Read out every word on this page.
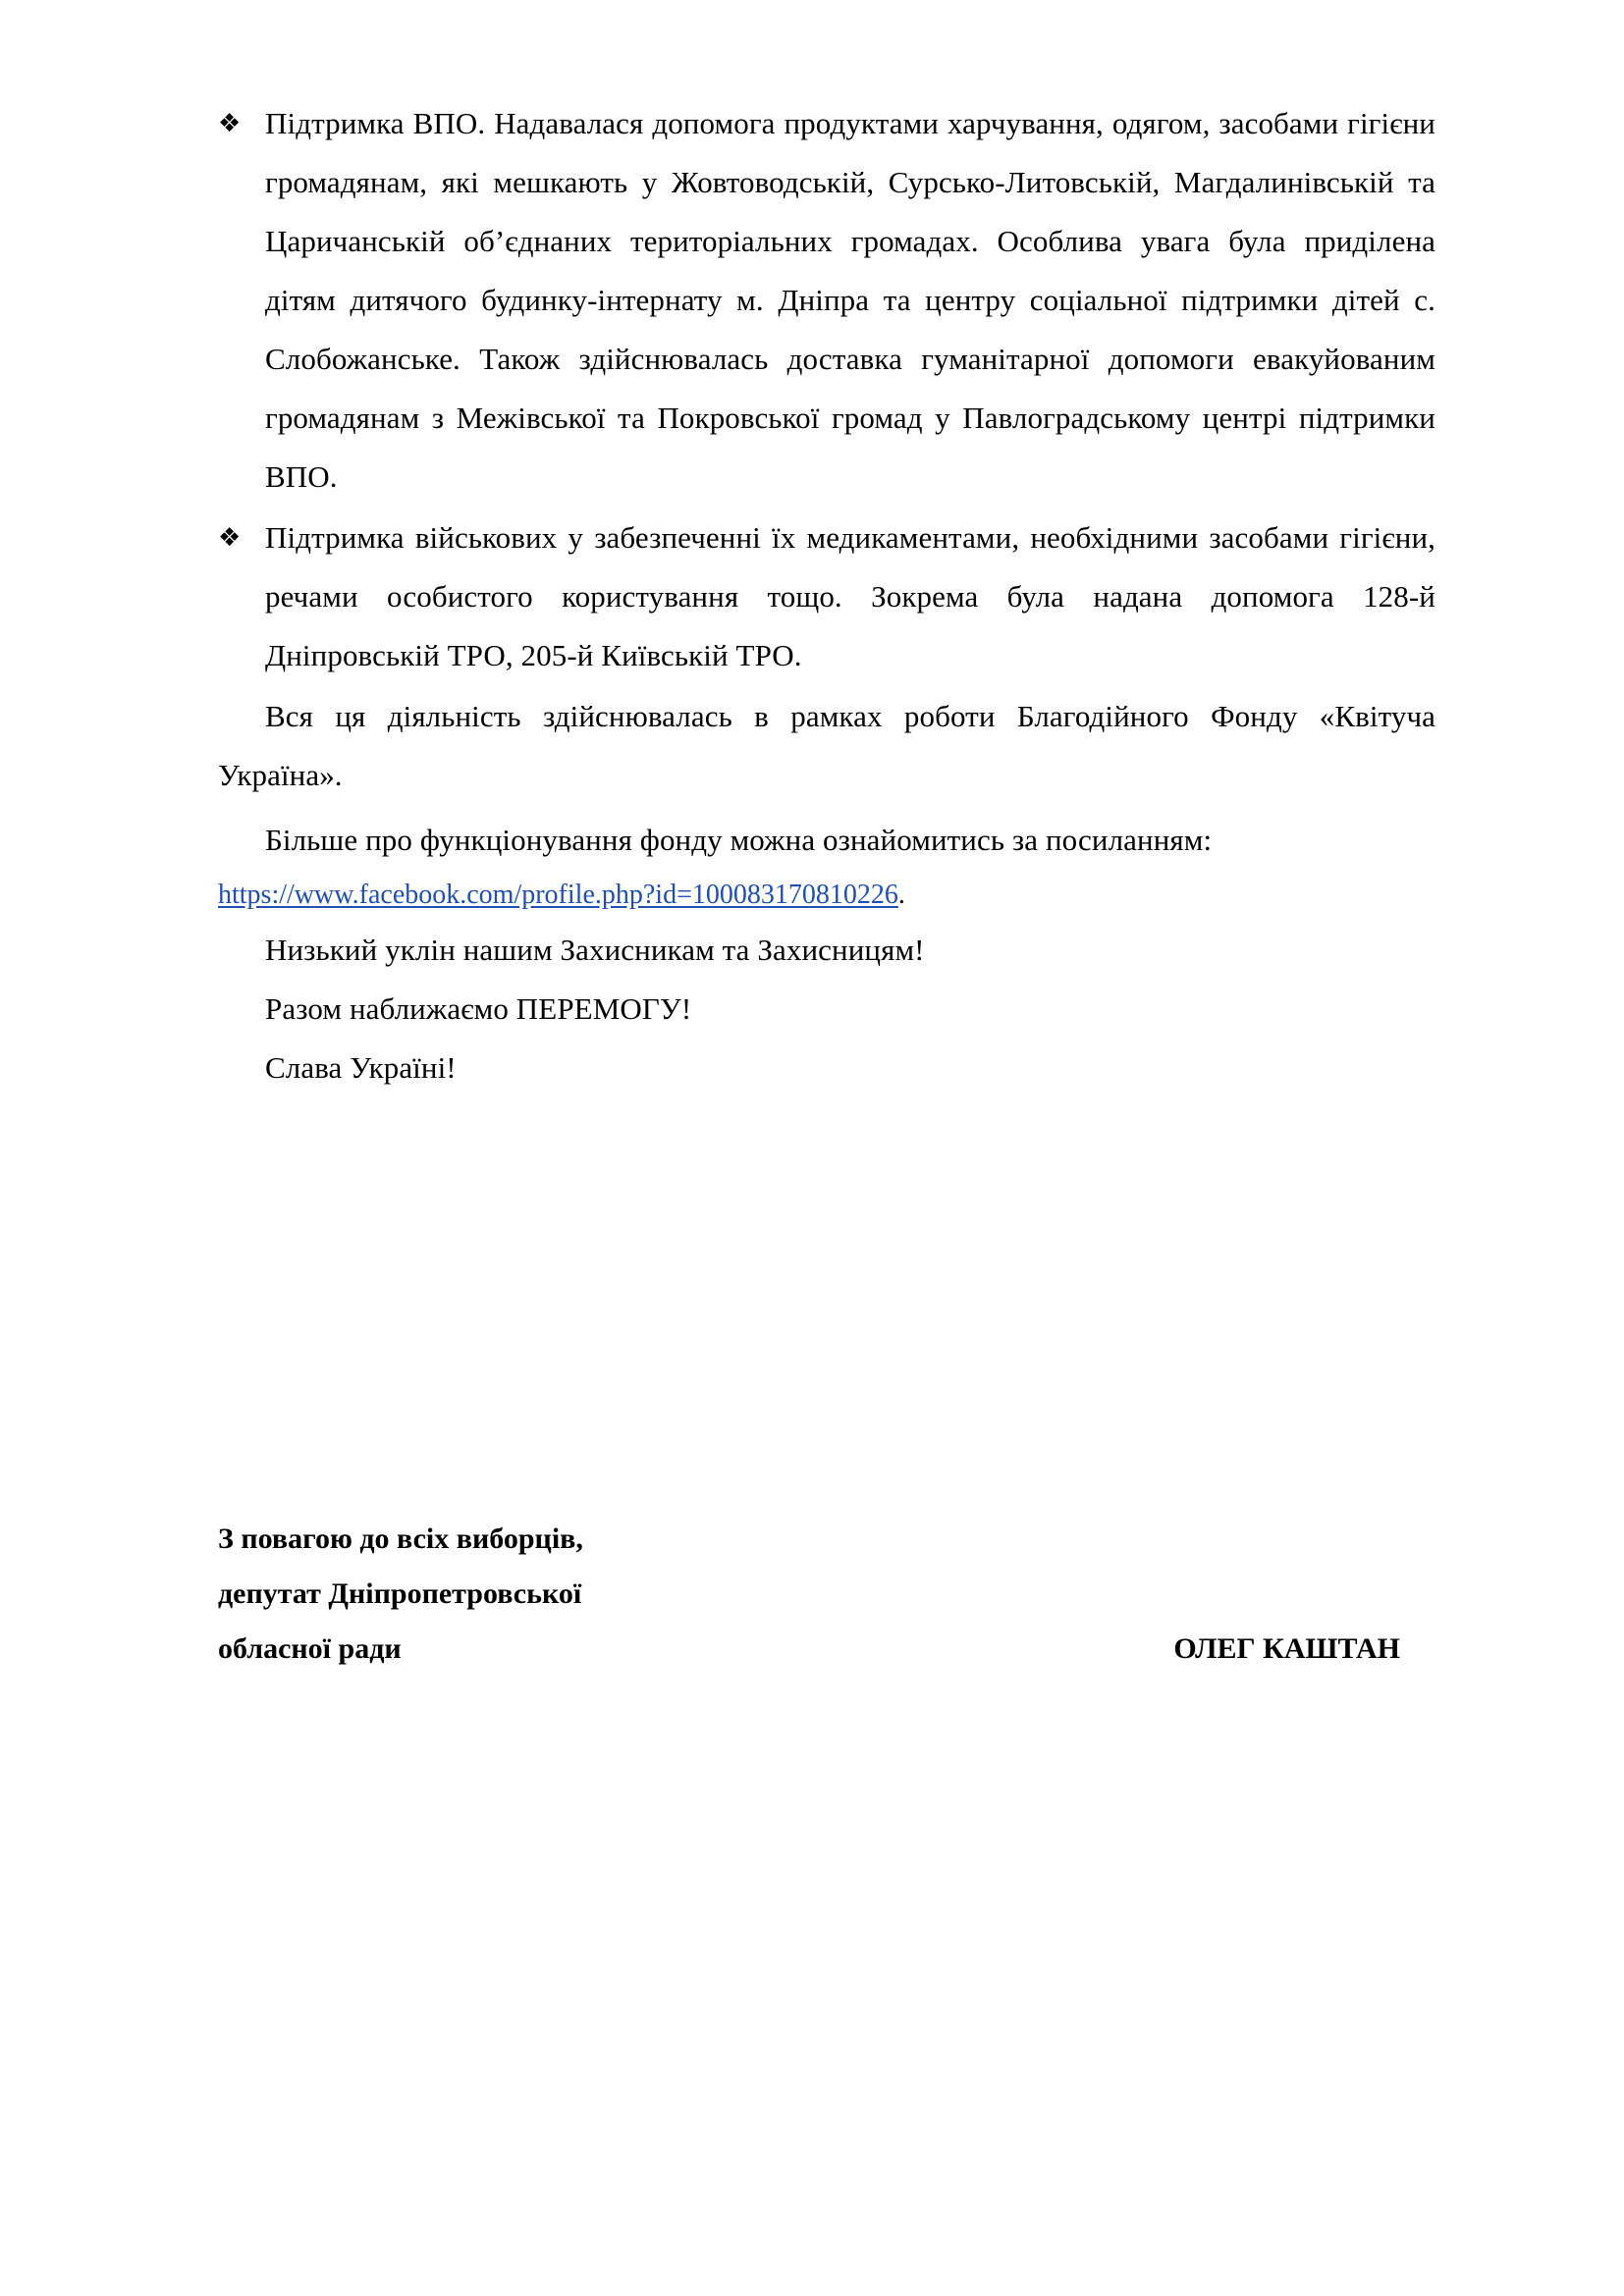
❖ Підтримка ВПО. Надавалася допомога продуктами харчування, одягом, засобами гігієни громадянам, які мешкають у Жовтоводській, Сурсько-Литовській, Магдалинівській та Царичанській об’єднаних територіальних громадах. Особлива увага була приділена дітям дитячого будинку-інтернату м. Дніпра та центру соціальної підтримки дітей с. Слобожанське. Також здійснювалась доставка гуманітарної допомоги евакуйованим громадянам з Межівської та Покровської громад у Павлоградському центрі підтримки ВПО.
❖ Підтримка військових у забезпеченні їх медикаментами, необхідними засобами гігієни, речами особистого користування тощо. Зокрема була надана допомога 128-й Дніпровській ТРО, 205-й Київській ТРО.

Вся ця діяльність здійснювалась в рамках роботи Благодійного Фонду «Квітуча Україна».

Більше про функціонування фонду можна ознайомитись за посиланням:

https://www.facebook.com/profile.php?id=100083170810226.

Низький уклін нашим Захисникам та Захисницям!

Разом наближаємо ПЕРЕМОГУ!

Слава Україні!

З повагою до всіх виборців,
депутат Дніпропетровської
обласної ради	ОЛЕГ КАШТАН
